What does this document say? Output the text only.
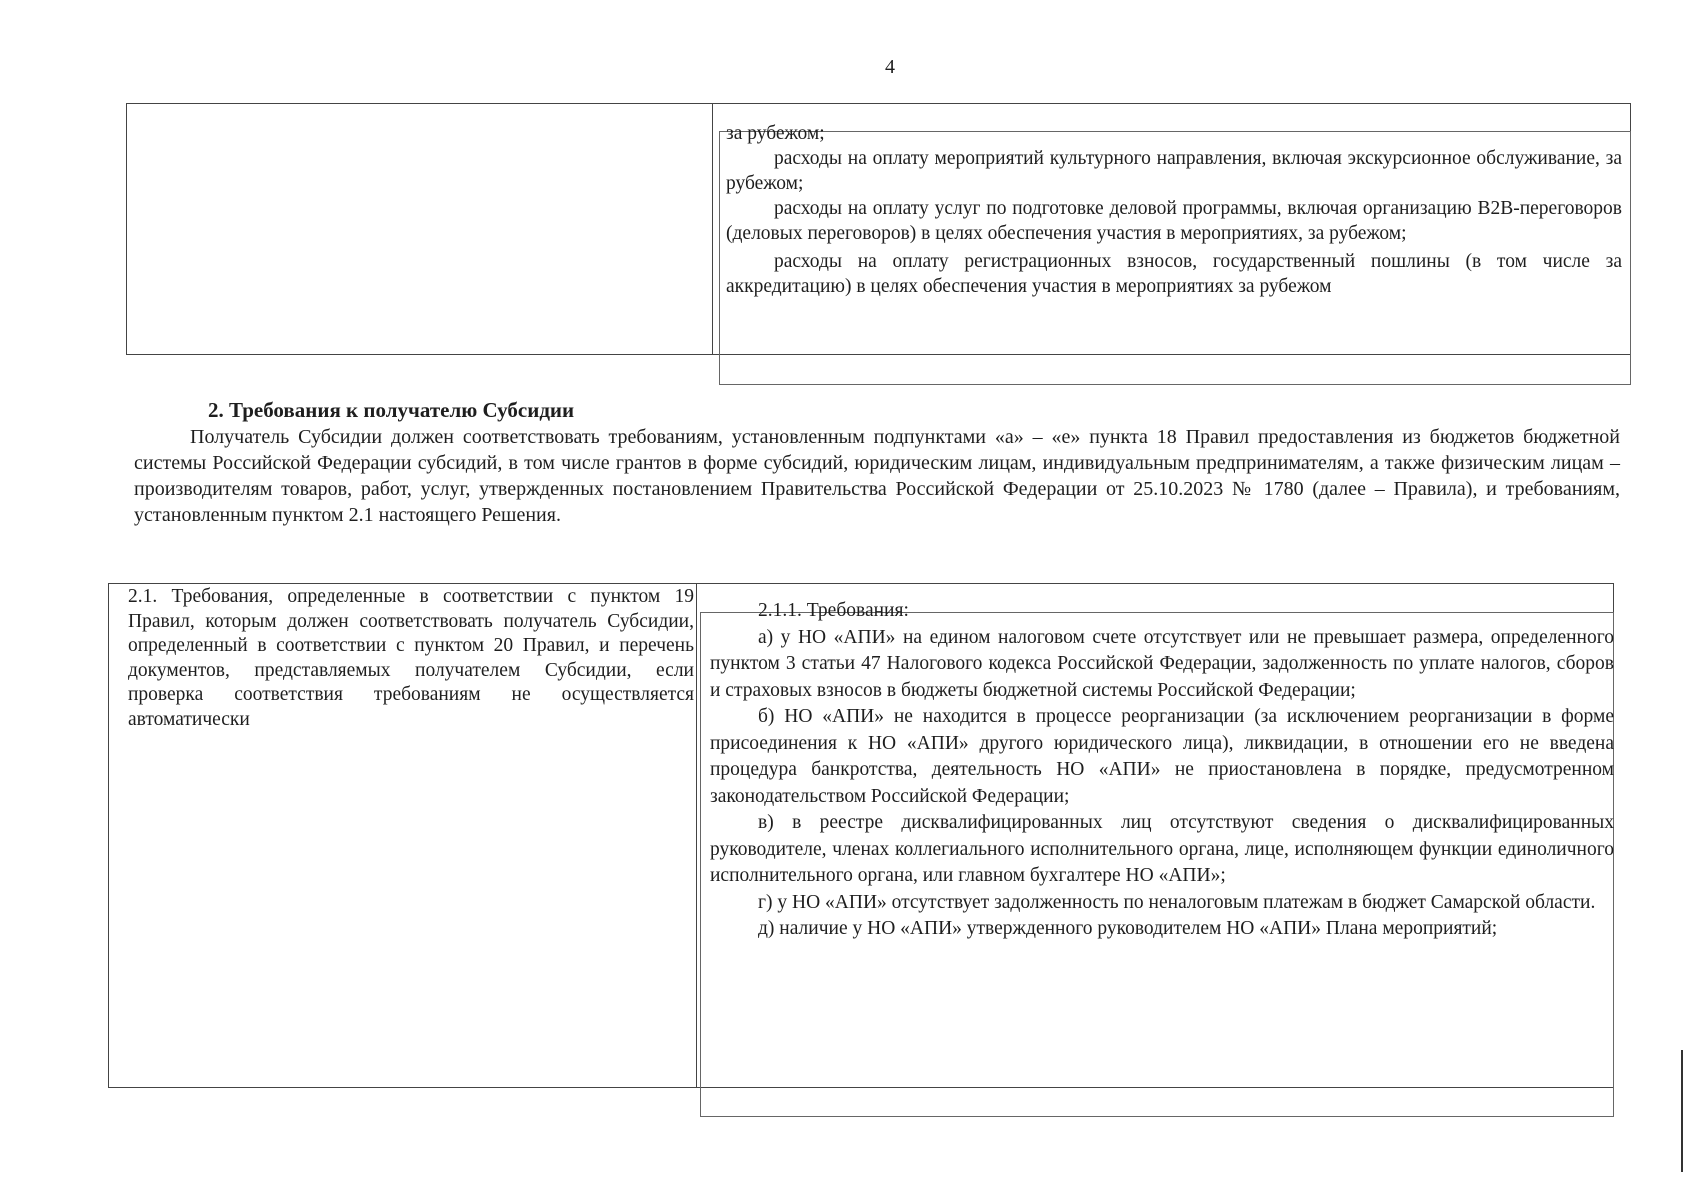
4

за рубежом;

расходы на оплату мероприятий культурного направления, включая экскурсионное обслуживание, за рубежом;

расходы на оплату услуг по подготовке деловой программы, включая организацию B2B-переговоров (деловых переговоров) в целях обеспечения участия в мероприятиях, за рубежом;

расходы на оплату регистрационных взносов, государственный пошлины (в том числе за аккредитацию) в целях обеспечения участия в мероприятиях за рубежом

2. Требования к получателю Субсидии

Получатель Субсидии должен соответствовать требованиям, установленным подпунктами «а» – «е» пункта 18 Правил предоставления из бюджетов бюджетной системы Российской Федерации субсидий, в том числе грантов в форме субсидий, юридическим лицам, индивидуальным предпринимателям, а также физическим лицам – производителям товаров, работ, услуг, утвержденных постановлением Правительства Российской Федерации от 25.10.2023 № 1780 (далее – Правила), и требованиям, установленным пунктом 2.1 настоящего Решения.

2.1. Требования, определенные в соответствии с пунктом 19 Правил, которым должен соответствовать получатель Субсидии, определенный в соответствии с пунктом 20 Правил, и перечень документов, представляемых получателем Субсидии, если проверка соответствия требованиям не осуществляется автоматически

2.1.1. Требования:

а) у НО «АПИ» на едином налоговом счете отсутствует или не превышает размера, определенного пунктом 3 статьи 47 Налогового кодекса Российской Федерации, задолженность по уплате налогов, сборов и страховых взносов в бюджеты бюджетной системы Российской Федерации;

б) НО «АПИ» не находится в процессе реорганизации (за исключением реорганизации в форме присоединения к НО «АПИ» другого юридического лица), ликвидации, в отношении его не введена процедура банкротства, деятельность НО «АПИ» не приостановлена в порядке, предусмотренном законодательством Российской Федерации;

в) в реестре дисквалифицированных лиц отсутствуют сведения о дисквалифицированных руководителе, членах коллегиального исполнительного органа, лице, исполняющем функции единоличного исполнительного органа, или главном бухгалтере НО «АПИ»;

г) у НО «АПИ» отсутствует задолженность по неналоговым платежам в бюджет Самарской области.

д) наличие у НО «АПИ» утвержденного руководителем НО «АПИ» Плана мероприятий;
